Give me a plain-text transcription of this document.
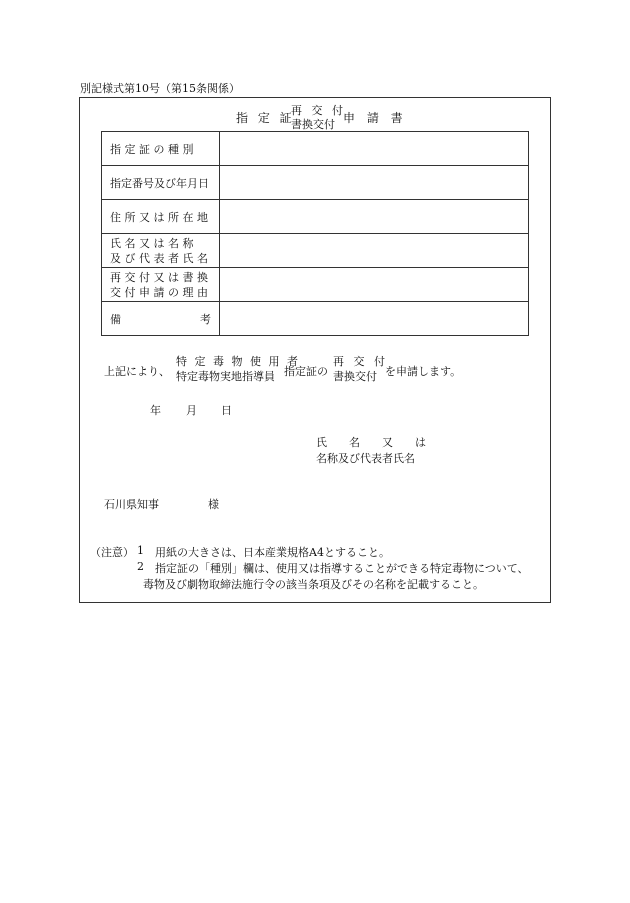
別記様式第10号（第15条関係）
指 定 証
再 交 付
書換交付 申 請 書
指 定 証 の 種 別	
指定番号及び年月日	
住 所 又 は 所 在 地	

氏 名 又 は 名 称
及 び 代 表 者 氏 名	

再 交 付 又 は 書 換
交 付 申 請 の 理 由	

備 考	

上記により、
特 定 毒 物 使 用 者
特定毒物実地指導員 指定証の
再 交 付
書換交付 を申請します。
年 月 日
氏　　名　　又　　は
名称及び代表者氏名
石川県知事	様
（注意） 1 用紙の大きさは、日本産業規格A4とすること。
2 指定証の「種別」欄は、使用又は指導することができる特定毒物について、
毒物及び劇物取締法施行令の該当条項及びその名称を記載すること。
